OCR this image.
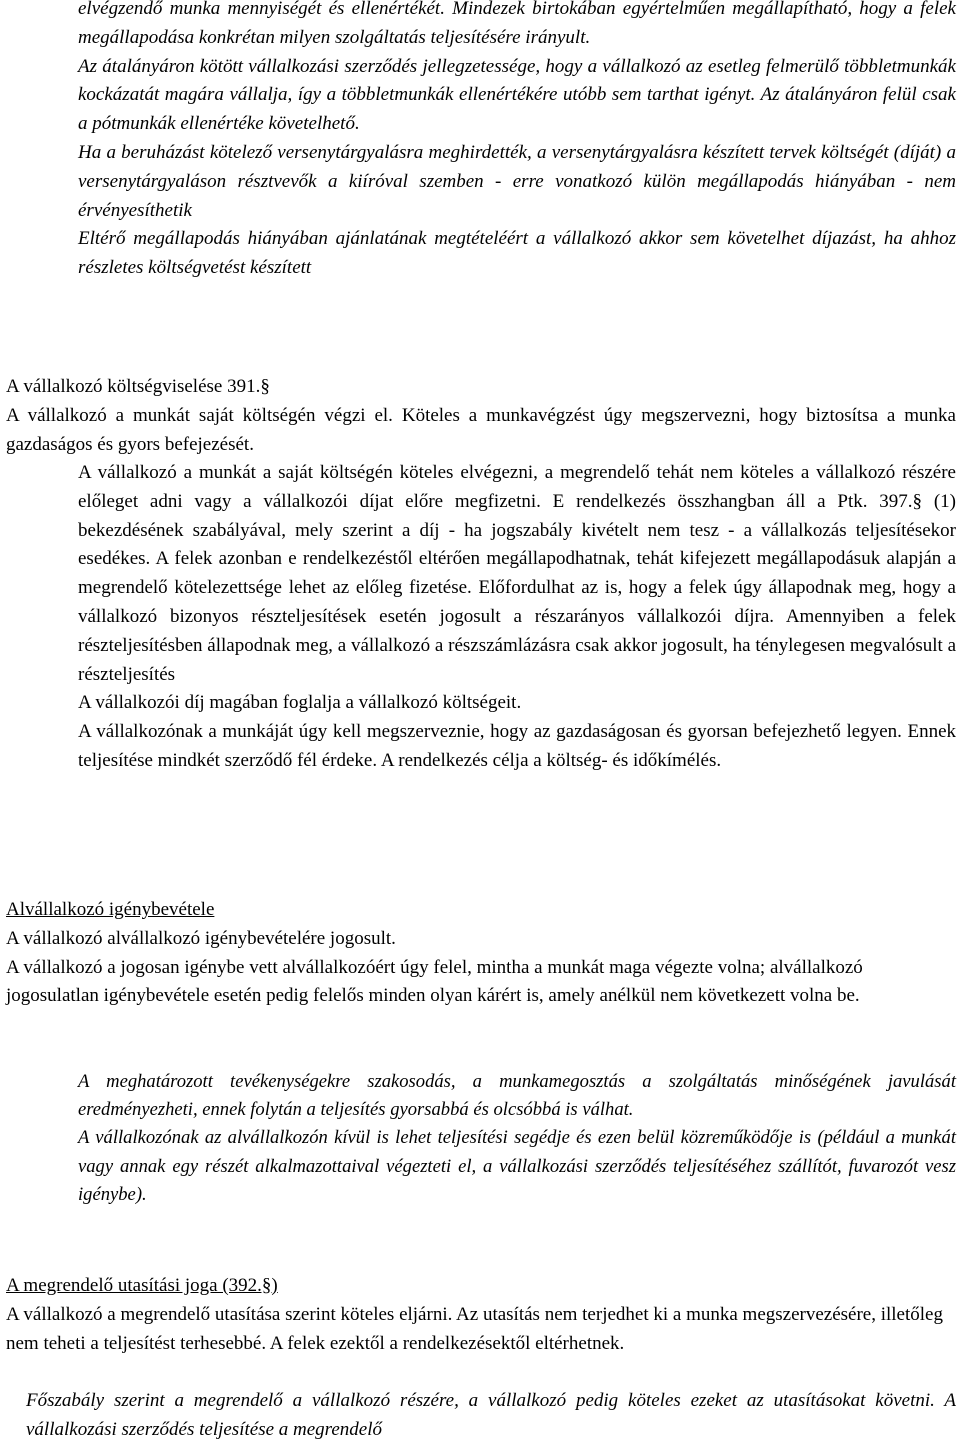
elvégzendő munka mennyiségét és ellenértékét. Mindezek birtokában egyértelműen megállapítható, hogy a felek megállapodása konkrétan milyen szolgáltatás teljesítésére irányult.

Az átalányáron kötött vállalkozási szerződés jellegzetessége, hogy a vállalkozó az esetleg felmerülő többletmunkák kockázatát magára vállalja, így a többletmunkák ellenértékére utóbb sem tarthat igényt. Az átalányáron felül csak a pótmunkák ellenértéke követelhető.

Ha a beruházást kötelező versenytárgyalásra meghirdették, a versenytárgyalásra készített tervek költségét (díját) a versenytárgyaláson résztvevők a kiíróval szemben - erre vonatkozó külön megállapodás hiányában - nem érvényesíthetik

Eltérő megállapodás hiányában ajánlatának megtételéért a vállalkozó akkor sem követelhet díjazást, ha ahhoz részletes költségvetést készített

A vállalkozó költségviselése 391.§

A vállalkozó a munkát saját költségén végzi el. Köteles a munkavégzést úgy megszervezni, hogy biztosítsa a munka gazdaságos és gyors befejezését.

A vállalkozó a munkát a saját költségén köteles elvégezni, a megrendelő tehát nem köteles a vállalkozó részére előleget adni vagy a vállalkozói díjat előre megfizetni. E rendelkezés összhangban áll a Ptk. 397.§ (1) bekezdésének szabályával, mely szerint a díj - ha jogszabály kivételt nem tesz - a vállalkozás teljesítésekor esedékes. A felek azonban e rendelkezéstől eltérően megállapodhatnak, tehát kifejezett megállapodásuk alapján a megrendelő kötelezettsége lehet az előleg fizetése. Előfordulhat az is, hogy a felek úgy állapodnak meg, hogy a vállalkozó bizonyos részteljesítések esetén jogosult a részarányos vállalkozói díjra. Amennyiben a felek részteljesítésben állapodnak meg, a vállalkozó a részszámlázásra csak akkor jogosult, ha ténylegesen megvalósult a részteljesítés

A vállalkozói díj magában foglalja a vállalkozó költségeit.

A vállalkozónak a munkáját úgy kell megszerveznie, hogy az gazdaságosan és gyorsan befejezhető legyen. Ennek teljesítése mindkét szerződő fél érdeke. A rendelkezés célja a költség- és időkímélés.

Alvállalkozó igénybevétele

A vállalkozó alvállalkozó igénybevételére jogosult.

A vállalkozó a jogosan igénybe vett alvállalkozóért úgy felel, mintha a munkát maga végezte volna; alvállalkozó jogosulatlan igénybevétele esetén pedig felelős minden olyan kárért is, amely anélkül nem következett volna be.

A meghatározott tevékenységekre szakosodás, a munkamegosztás a szolgáltatás minőségének javulását eredményezheti, ennek folytán a teljesítés gyorsabbá és olcsóbbá is válhat.

A vállalkozónak az alvállalkozón kívül is lehet teljesítési segédje és ezen belül közreműködője is (például a munkát vagy annak egy részét alkalmazottaival végezteti el, a vállalkozási szerződés teljesítéséhez szállítót, fuvarozót vesz igénybe).

A megrendelő utasítási joga (392.§)

A vállalkozó a megrendelő utasítása szerint köteles eljárni. Az utasítás nem terjedhet ki a munka megszervezésére, illetőleg nem teheti a teljesítést terhesebbé. A felek ezektől a rendelkezésektől eltérhetnek.

Főszabály szerint a megrendelő a vállalkozó részére, a vállalkozó pedig köteles ezeket az utasításokat követni. A vállalkozási szerződés teljesítése a megrendelő
